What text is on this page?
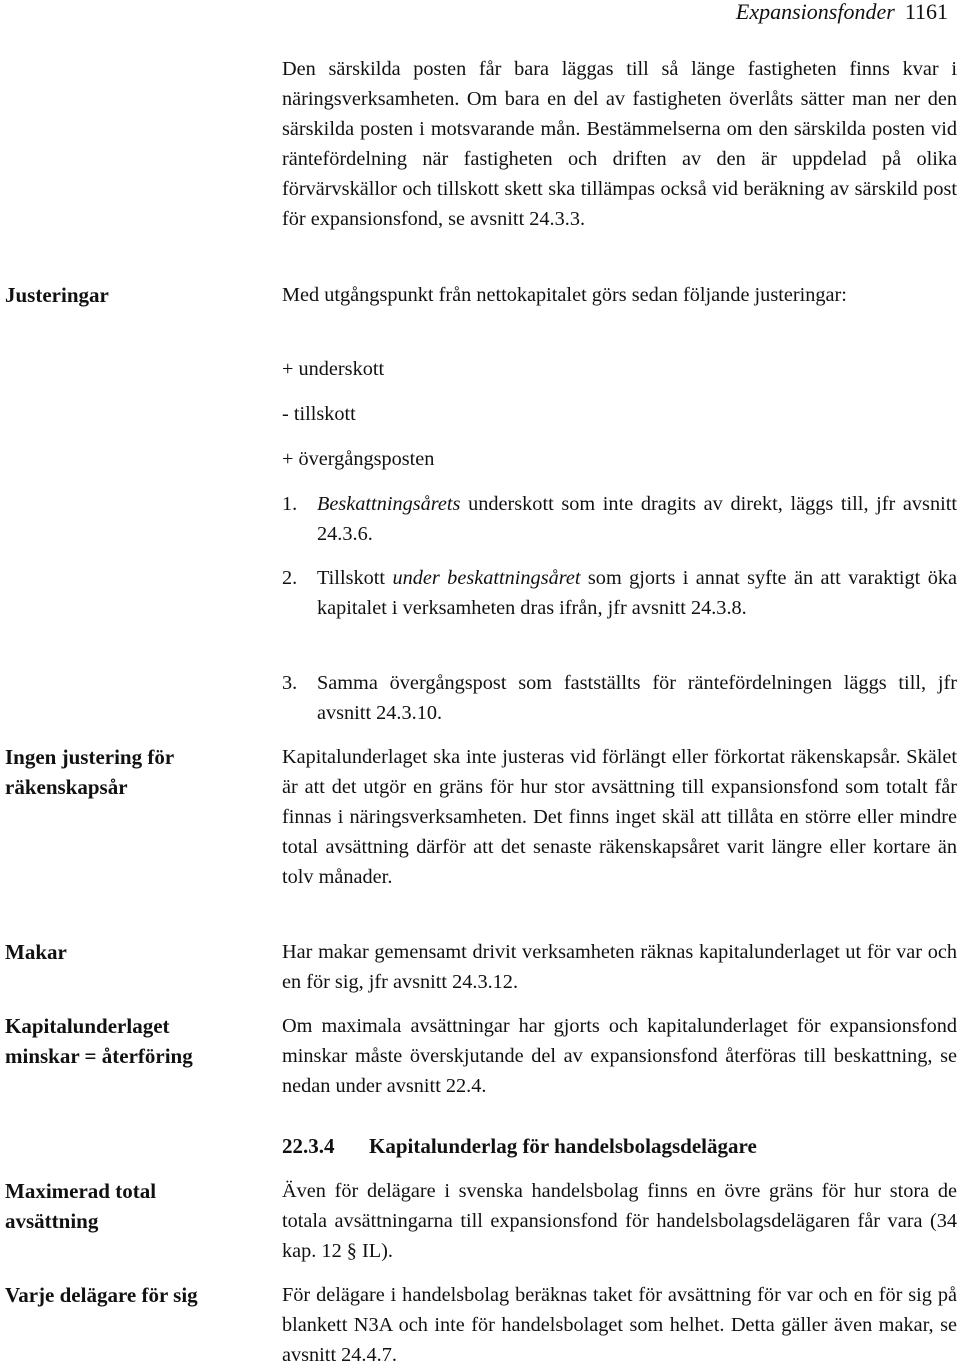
Expansionsfonder 1161
Den särskilda posten får bara läggas till så länge fastigheten finns kvar i näringsverksamheten. Om bara en del av fastigheten överlåts sätter man ner den särskilda posten i motsvarande mån. Bestämmelserna om den särskilda posten vid räntefördelning när fastigheten och driften av den är uppdelad på olika förvärvskällor och tillskott skett ska tillämpas också vid beräkning av särskild post för expansionsfond, se avsnitt 24.3.3.
Justeringar	Med utgångspunkt från nettokapitalet görs sedan följande justeringar:
+ underskott
- tillskott
+ övergångsposten
1. Beskattningsårets underskott som inte dragits av direkt, läggs till, jfr avsnitt 24.3.6.
2. Tillskott under beskattningsåret som gjorts i annat syfte än att varaktigt öka kapitalet i verksamheten dras ifrån, jfr avsnitt 24.3.8.
3. Samma övergångspost som fastställts för räntefördelningen läggs till, jfr avsnitt 24.3.10.
Ingen justering för räkenskapsår
Kapitalunderlaget ska inte justeras vid förlängt eller förkortat räkenskapsår. Skälet är att det utgör en gräns för hur stor avsättning till expansionsfond som totalt får finnas i näringsverksamheten. Det finns inget skäl att tillåta en större eller mindre total avsättning därför att det senaste räkenskapsåret varit längre eller kortare än tolv månader.
Makar	Har makar gemensamt drivit verksamheten räknas kapitalunderlaget ut för var och en för sig, jfr avsnitt 24.3.12.
Kapitalunderlaget minskar = återföring
Om maximala avsättningar har gjorts och kapitalunderlaget för expansionsfond minskar måste överskjutande del av expansionsfond återföras till beskattning, se nedan under avsnitt 22.4.
22.3.4 Kapitalunderlag för handelsbolagsdelägare
Maximerad total avsättning
Även för delägare i svenska handelsbolag finns en övre gräns för hur stora de totala avsättningarna till expansionsfond för handelsbolagsdelägaren får vara (34 kap. 12 § IL).
Varje delägare för sig	För delägare i handelsbolag beräknas taket för avsättning för var och en för sig på blankett N3A och inte för handelsbolaget som helhet. Detta gäller även makar, se avsnitt 24.4.7.
